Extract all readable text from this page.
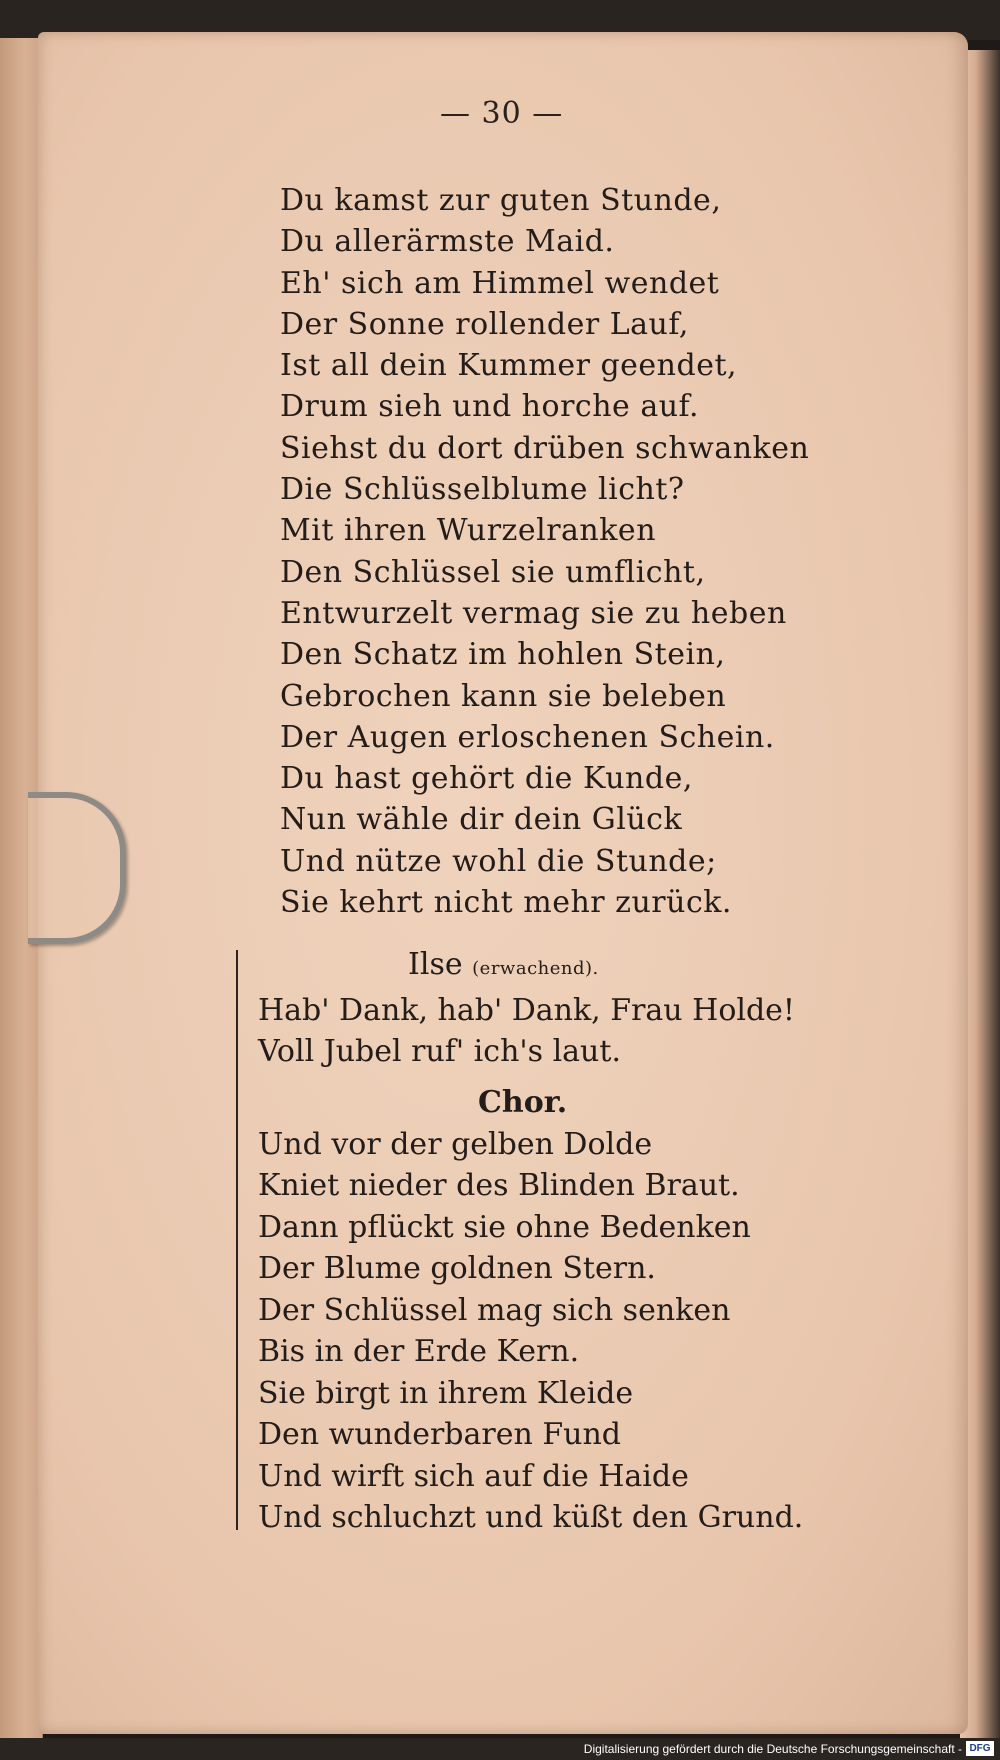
— 30 —
Du kamst zur guten Stunde,
Du allerärmste Maid.
Eh' sich am Himmel wendet
Der Sonne rollender Lauf,
Ist all dein Kummer geendet,
Drum sieh und horche auf.
Siehst du dort drüben schwanken
Die Schlüsselblume licht?
Mit ihren Wurzelranken
Den Schlüssel sie umflicht,
Entwurzelt vermag sie zu heben
Den Schatz im hohlen Stein,
Gebrochen kann sie beleben
Der Augen erloschenen Schein.
Du hast gehört die Kunde,
Nun wähle dir dein Glück
Und nütze wohl die Stunde;
Sie kehrt nicht mehr zurück.
Ilse (erwachend).
Hab' Dank, hab' Dank, Frau Holde!
Voll Jubel ruf' ich's laut.
Chor.
Und vor der gelben Dolde
Kniet nieder des Blinden Braut.
Dann pflückt sie ohne Bedenken
Der Blume goldnen Stern.
Der Schlüssel mag sich senken
Bis in der Erde Kern.
Sie birgt in ihrem Kleide
Den wunderbaren Fund
Und wirft sich auf die Haide
Und schluchzt und küßt den Grund.
Digitalisierung gefördert durch die Deutsche Forschungsgemeinschaft - DFG
